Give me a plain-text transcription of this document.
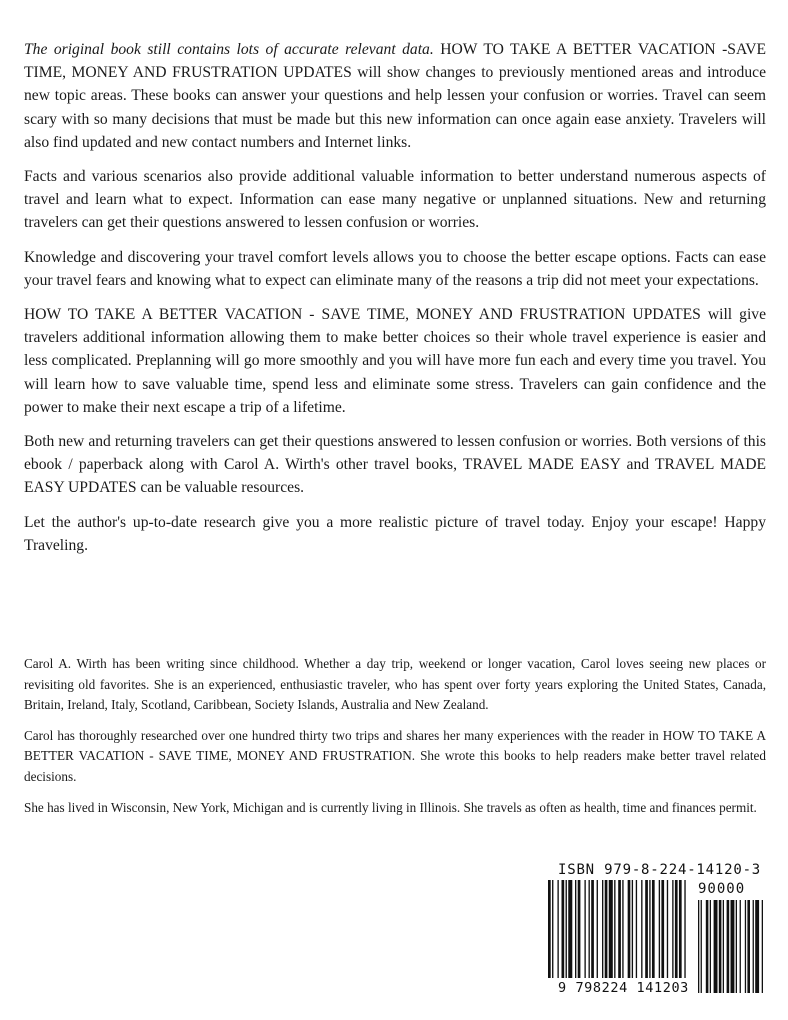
The original book still contains lots of accurate relevant data. HOW TO TAKE A BETTER VACATION -SAVE TIME, MONEY AND FRUSTRATION UPDATES will show changes to previously mentioned areas and introduce new topic areas. These books can answer your questions and help lessen your confusion or worries. Travel can seem scary with so many decisions that must be made but this new information can once again ease anxiety. Travelers will also find updated and new contact numbers and Internet links.

Facts and various scenarios also provide additional valuable information to better understand numerous aspects of travel and learn what to expect. Information can ease many negative or unplanned situations. New and returning travelers can get their questions answered to lessen confusion or worries.

Knowledge and discovering your travel comfort levels allows you to choose the better escape options. Facts can ease your travel fears and knowing what to expect can eliminate many of the reasons a trip did not meet your expectations.

HOW TO TAKE A BETTER VACATION - SAVE TIME, MONEY AND FRUSTRATION UPDATES will give travelers additional information allowing them to make better choices so their whole travel experience is easier and less complicated. Preplanning will go more smoothly and you will have more fun each and every time you travel. You will learn how to save valuable time, spend less and eliminate some stress. Travelers can gain confidence and the power to make their next escape a trip of a lifetime.

Both new and returning travelers can get their questions answered to lessen confusion or worries. Both versions of this ebook / paperback along with Carol A. Wirth's other travel books, TRAVEL MADE EASY and TRAVEL MADE EASY UPDATES can be valuable resources.

Let the author's up-to-date research give you a more realistic picture of travel today. Enjoy your escape! Happy Traveling.

Carol A. Wirth has been writing since childhood. Whether a day trip, weekend or longer vacation, Carol loves seeing new places or revisiting old favorites. She is an experienced, enthusiastic traveler, who has spent over forty years exploring the United States, Canada, Britain, Ireland, Italy, Scotland, Caribbean, Society Islands, Australia and New Zealand.

Carol has thoroughly researched over one hundred thirty two trips and shares her many experiences with the reader in HOW TO TAKE A BETTER VACATION - SAVE TIME, MONEY AND FRUSTRATION. She wrote this books to help readers make better travel related decisions.

She has lived in Wisconsin, New York, Michigan and is currently living in Illinois. She travels as often as health, time and finances permit.

ISBN 979-8-224-14120-3
90000
9 798224 141203
